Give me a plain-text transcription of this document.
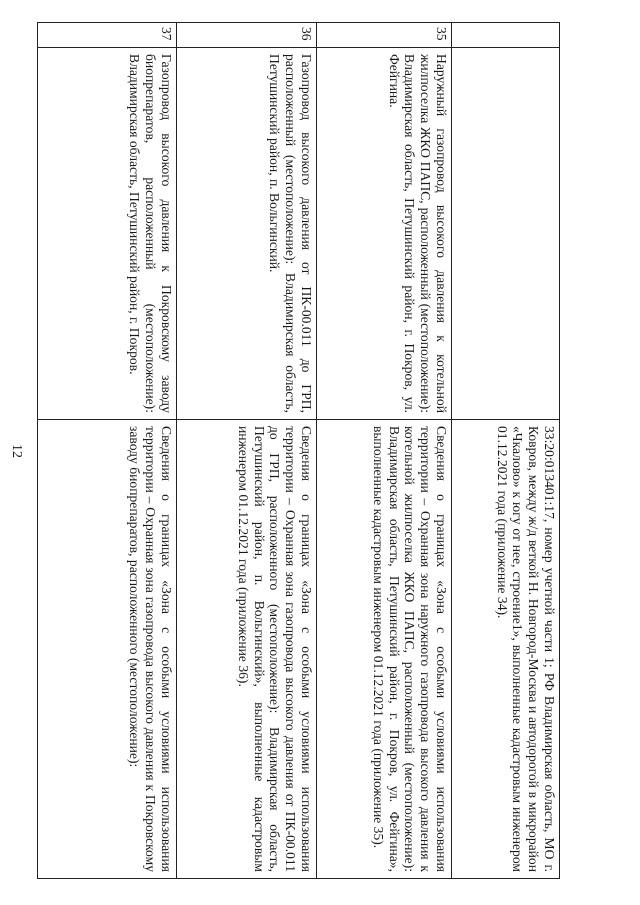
12
			33:20:013401:17, номер учетной части 1; РФ Владимирская область, МО г. Ковров, между ж/д веткой Н. Новгород-Москва и автодорогой в микрорайон «Чкалово» к югу от нее, строение1», выполненные кадастровым инженером 01.12.2021 года (приложение 34).
35	Наружный газопровод высокого давления к котельной жилпоселка ЖКО ПАПС, расположенный (местоположение): Владимирская область, Петушинский район, г. Покров, ул. Фейгина.	Сведения о границах «Зона с особыми условиями использования территории – Охранная зона наружного газопровода высокого давления к котельной жилпоселка ЖКО ПАПС, расположенный (местоположение): Владимирская область, Петушинский район, г. Покров, ул. Фейгина», выполненные кадастровым инженером 01.12.2021 года (приложение 35).
36	Газопровод высокого давления от ПК-00.011 до ГРП, расположенный (местоположение): Владимирская область, Петушинский район, п. Вольгинский.	Сведения о границах «Зона с особыми условиями использования территории – Охранная зона газопровода высокого давления от ПК-00.011 до ГРП, расположенного (местоположение): Владимирская область, Петушинский район, п. Вольгинский», выполненные кадастровым инженером 01.12.2021 года (приложение 36).
37	Газопровод высокого давления к Покровскому заводу биопрепаратов, расположенный (местоположение): Владимирская область, Петушинский район, г. Покров.	Сведения о границах «Зона с особыми условиями использования территории – Охранная зона газопровода высокого давления к Покровскому заводу биопрепаратов, расположенного (местоположение):
